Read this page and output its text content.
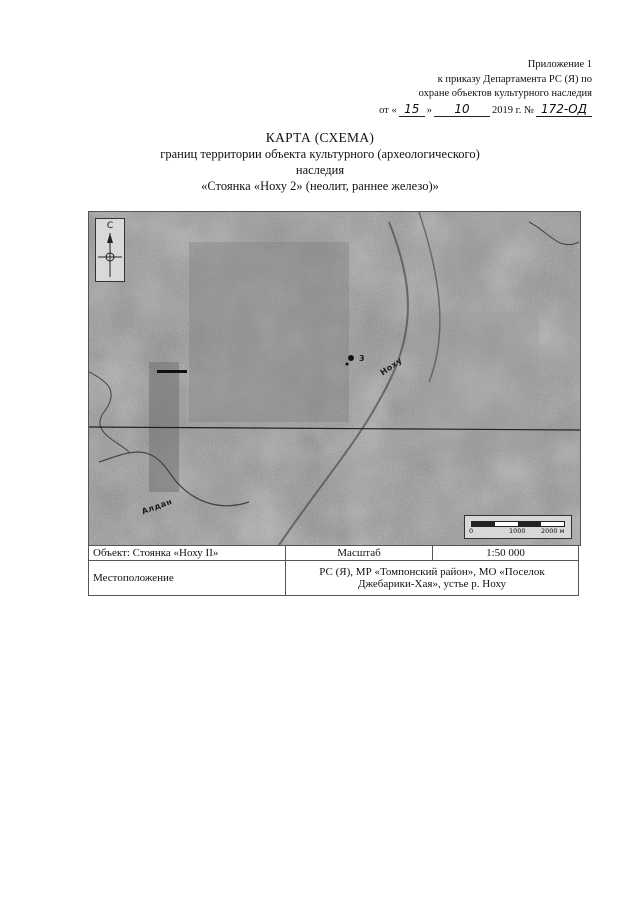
Приложение 1
к приказу Департамента РС (Я) по
охране объектов культурного наследия
от « 15 »	10	2019 г. № 172-ОД
КАРТА (СХЕМА)
границ территории объекта культурного (археологического)
наследия
«Стоянка «Ноху 2» (неолит, раннее железо)»
С
3 Ноху
Алдан
0	1000 2000 м
Объект: Стоянка «Ноху II»	Масштаб	1:50 000
Местоположение	РС (Я), МР «Томпонский район», МО «Поселок Джебарики-Хая», устье р. Ноху	
